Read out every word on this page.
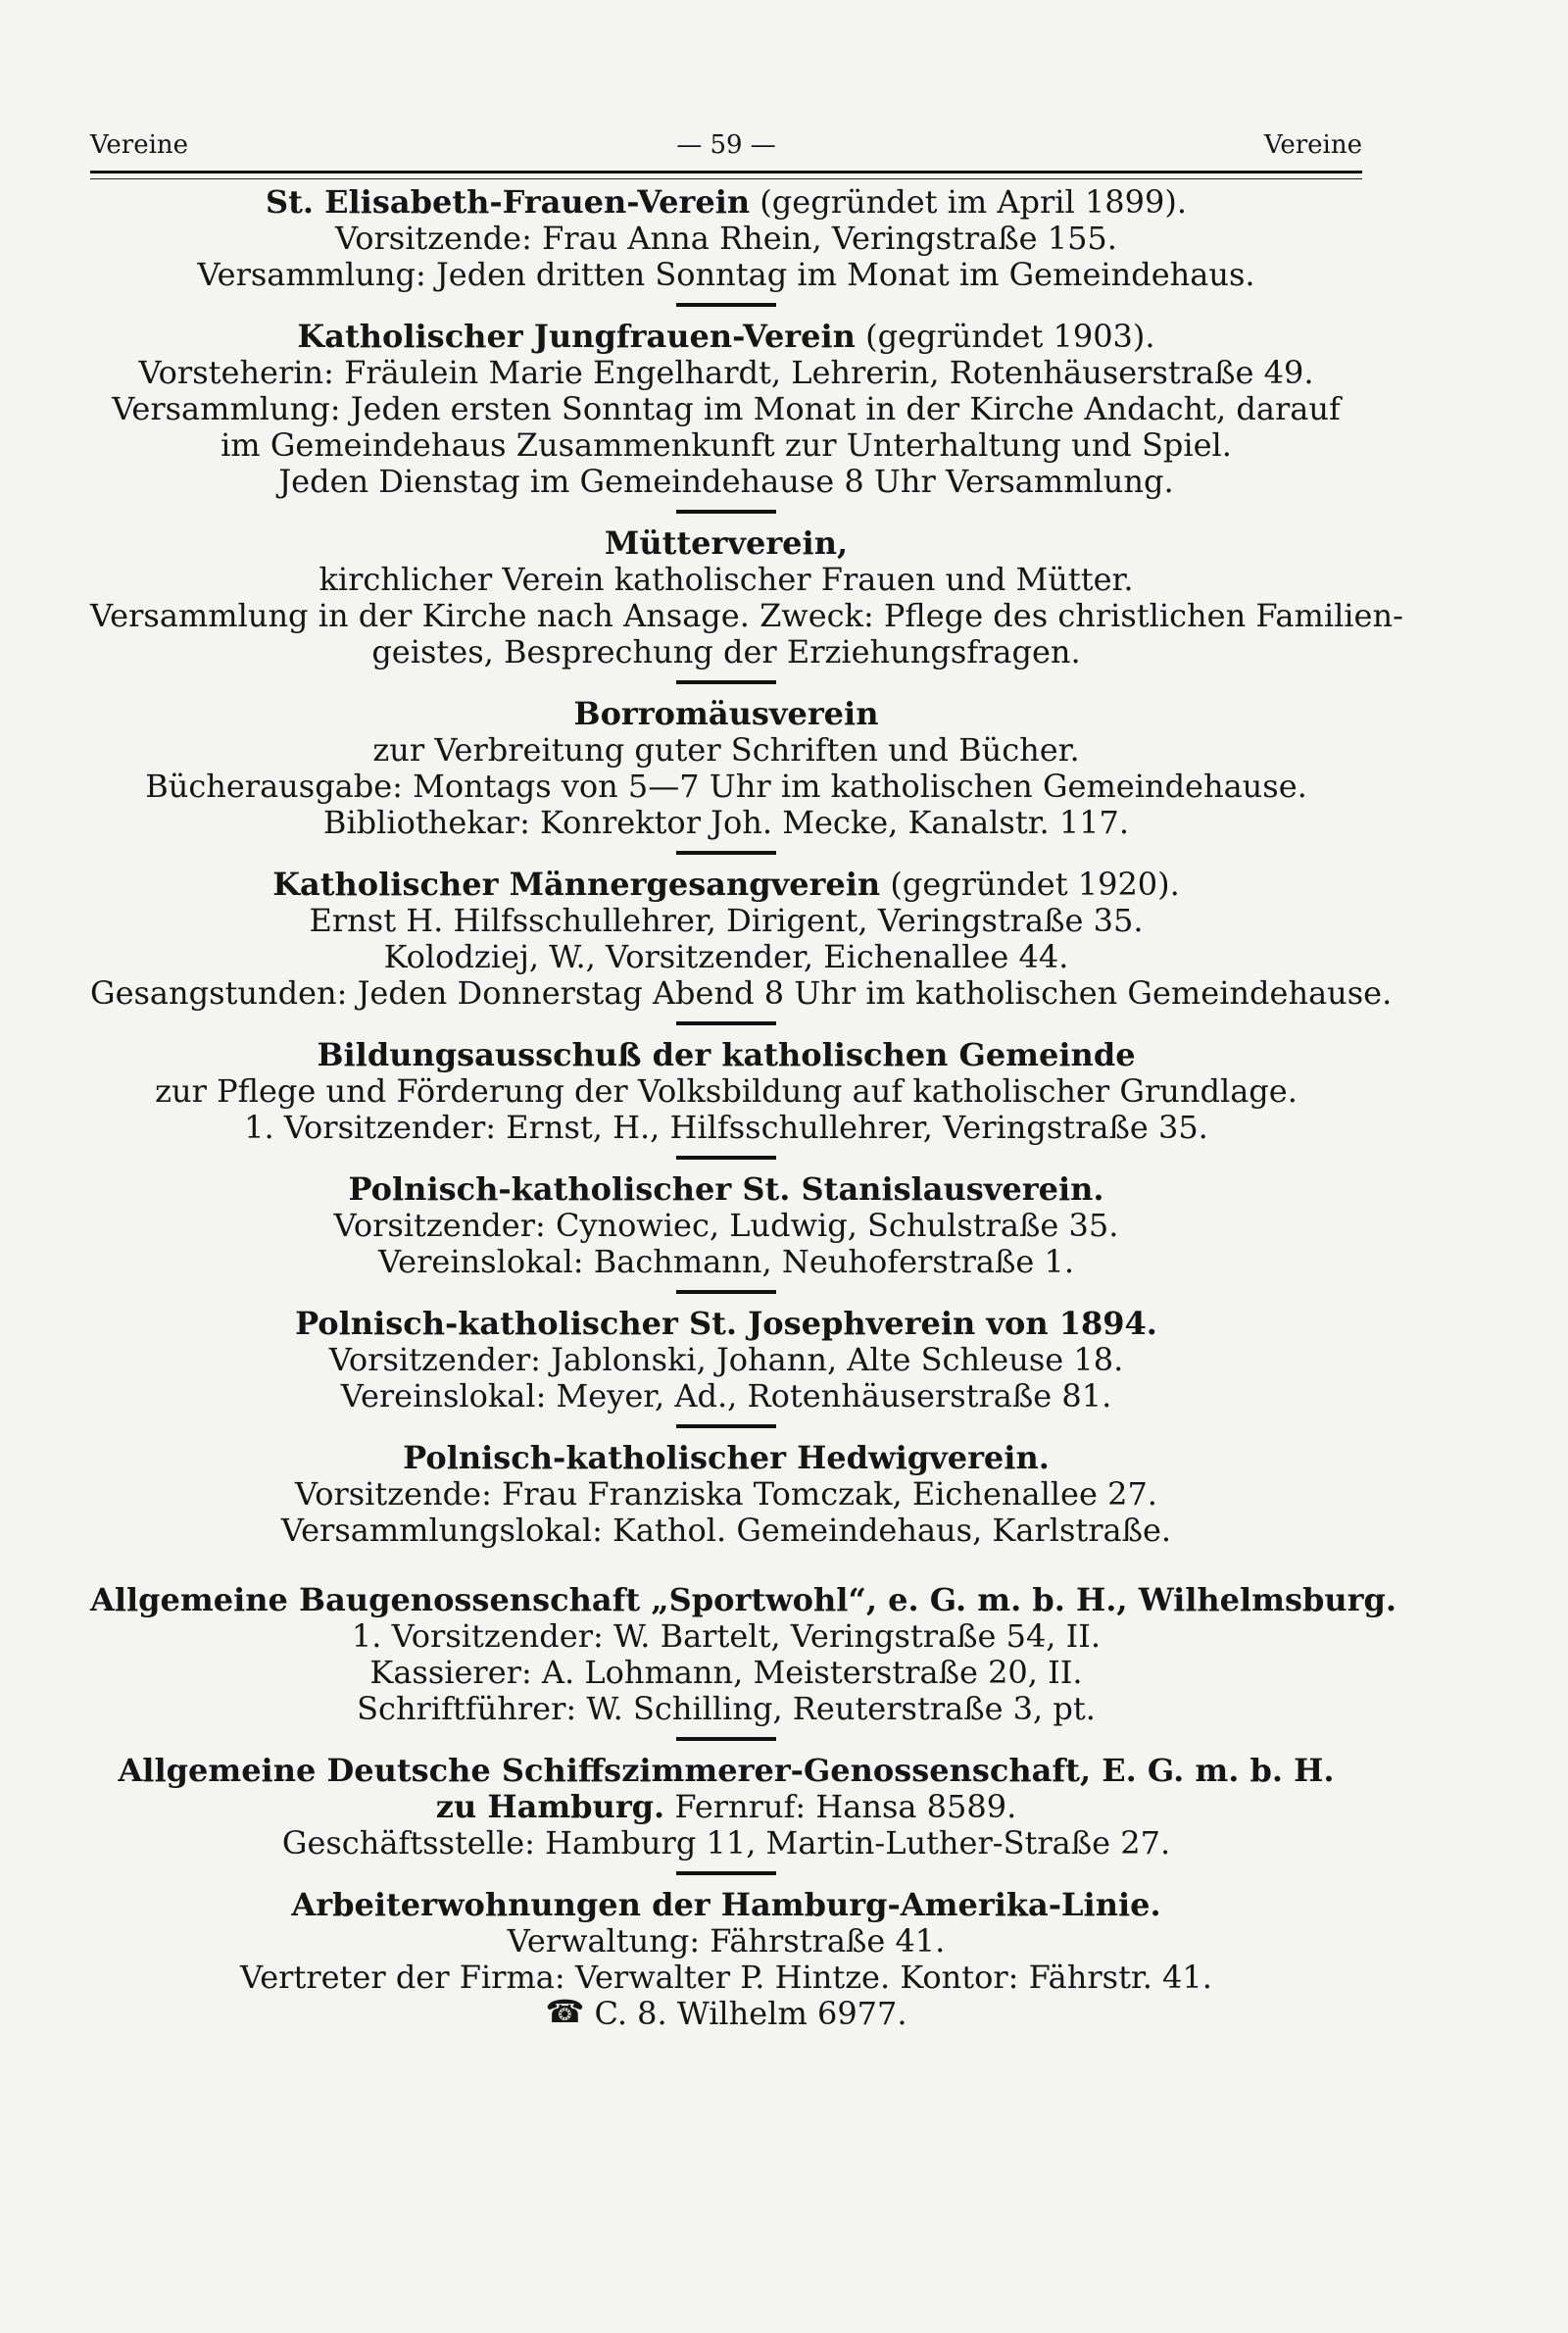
Vereine	— 59 —	Vereine
St. Elisabeth-Frauen-Verein (gegründet im April 1899).
Vorsitzende: Frau Anna Rhein, Veringstraße 155.
Versammlung: Jeden dritten Sonntag im Monat im Gemeindehaus.
Katholischer Jungfrauen-Verein (gegründet 1903).
Vorsteherin: Fräulein Marie Engelhardt, Lehrerin, Rotenhäuserstraße 49.
Versammlung: Jeden ersten Sonntag im Monat in der Kirche Andacht, darauf
im Gemeindehaus Zusammenkunft zur Unterhaltung und Spiel.
Jeden Dienstag im Gemeindehause 8 Uhr Versammlung.
Mütterverein,
kirchlicher Verein katholischer Frauen und Mütter.
Versammlung in der Kirche nach Ansage. Zweck: Pflege des christlichen Familien-
geistes, Besprechung der Erziehungsfragen.
Borromäusverein
zur Verbreitung guter Schriften und Bücher.
Bücherausgabe: Montags von 5—7 Uhr im katholischen Gemeindehause.
Bibliothekar: Konrektor Joh. Mecke, Kanalstr. 117.
Katholischer Männergesangverein (gegründet 1920).
Ernst H. Hilfsschullehrer, Dirigent, Veringstraße 35.
Kolodziej, W., Vorsitzender, Eichenallee 44.
Gesangstunden: Jeden Donnerstag Abend 8 Uhr im katholischen Gemeindehause.
Bildungsausschuß der katholischen Gemeinde
zur Pflege und Förderung der Volksbildung auf katholischer Grundlage.
1. Vorsitzender: Ernst, H., Hilfsschullehrer, Veringstraße 35.
Polnisch-katholischer St. Stanislausverein.
Vorsitzender: Cynowiec, Ludwig, Schulstraße 35.
Vereinslokal: Bachmann, Neuhoferstraße 1.
Polnisch-katholischer St. Josephverein von 1894.
Vorsitzender: Jablonski, Johann, Alte Schleuse 18.
Vereinslokal: Meyer, Ad., Rotenhäuserstraße 81.
Polnisch-katholischer Hedwigverein.
Vorsitzende: Frau Franziska Tomczak, Eichenallee 27.
Versammlungslokal: Kathol. Gemeindehaus, Karlstraße.
Allgemeine Baugenossenschaft „Sportwohl“, e. G. m. b. H., Wilhelmsburg.
1. Vorsitzender: W. Bartelt, Veringstraße 54, II.
Kassierer: A. Lohmann, Meisterstraße 20, II.
Schriftführer: W. Schilling, Reuterstraße 3, pt.
Allgemeine Deutsche Schiffszimmerer-Genossenschaft, E. G. m. b. H.
zu Hamburg. Fernruf: Hansa 8589.
Geschäftsstelle: Hamburg 11, Martin-Luther-Straße 27.
Arbeiterwohnungen der Hamburg-Amerika-Linie.
Verwaltung: Fährstraße 41.
Vertreter der Firma: Verwalter P. Hintze. Kontor: Fährstr. 41.
☎ C. 8. Wilhelm 6977.
